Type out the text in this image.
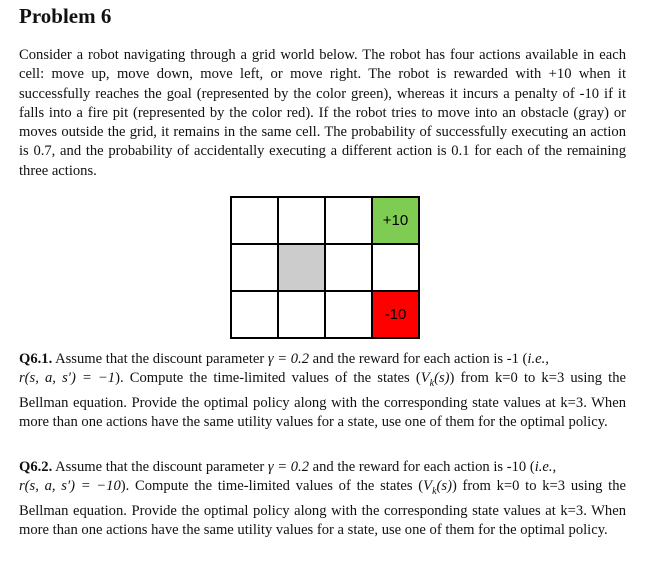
Problem 6

Consider a robot navigating through a grid world below. The robot has four actions available in each cell: move up, move down, move left, or move right. The robot is rewarded with +10 when it successfully reaches the goal (represented by the color green), whereas it incurs a penalty of -10 if it falls into a fire pit (represented by the color red). If the robot tries to move into an obstacle (gray) or moves outside the grid, it remains in the same cell. The probability of successfully executing an action is 0.7, and the probability of accidentally executing a different action is 0.1 for each of the remaining three actions.

+10
-10

Q6.1. Assume that the discount parameter γ = 0.2 and the reward for each action is -1 (i.e.,
r(s, a, s′) = −1). Compute the time-limited values of the states $(V_k(s))$ from k=0 to k=3 using the Bellman equation. Provide the optimal policy along with the corresponding state values at k=3. When more than one actions have the same utility values for a state, use one of them for the optimal policy.

Q6.2. Assume that the discount parameter γ = 0.2 and the reward for each action is -10 (i.e.,
r(s, a, s′) = −10). Compute the time-limited values of the states $(V_k(s))$ from k=0 to k=3 using the Bellman equation. Provide the optimal policy along with the corresponding state values at k=3. When more than one actions have the same utility values for a state, use one of them for the optimal policy.
